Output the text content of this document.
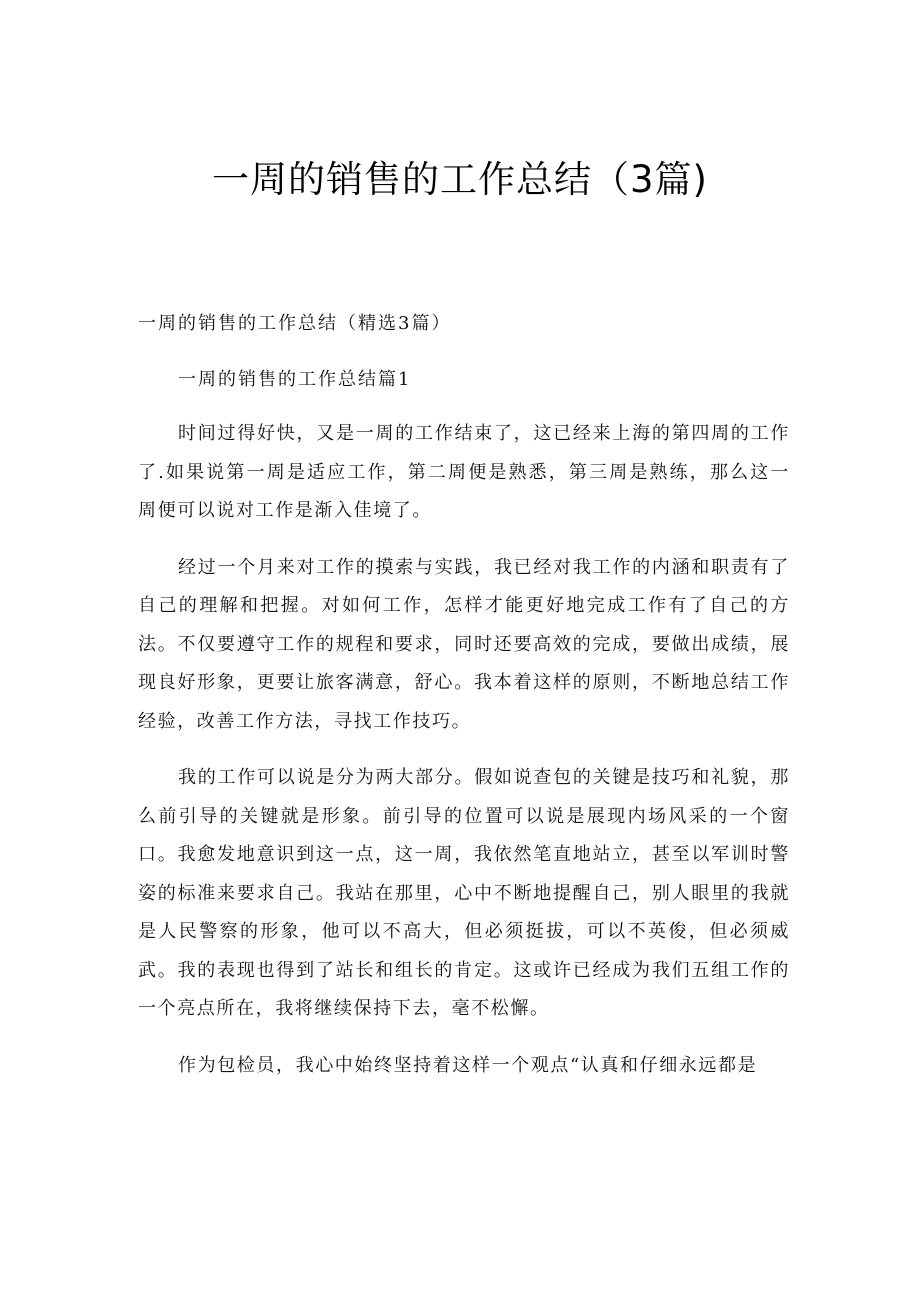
一周的销售的工作总结（3篇)

一周的销售的工作总结（精选3篇）

一周的销售的工作总结篇1

时间过得好快，又是一周的工作结束了，这已经来上海的第四周的工作了.如果说第一周是适应工作，第二周便是熟悉，第三周是熟练，那么这一周便可以说对工作是渐入佳境了。

经过一个月来对工作的摸索与实践，我已经对我工作的内涵和职责有了自己的理解和把握。对如何工作，怎样才能更好地完成工作有了自己的方法。不仅要遵守工作的规程和要求，同时还要高效的完成，要做出成绩，展现良好形象，更要让旅客满意，舒心。我本着这样的原则，不断地总结工作经验，改善工作方法，寻找工作技巧。

我的工作可以说是分为两大部分。假如说查包的关键是技巧和礼貌，那么前引导的关键就是形象。前引导的位置可以说是展现内场风采的一个窗口。我愈发地意识到这一点，这一周，我依然笔直地站立，甚至以军训时警姿的标准来要求自己。我站在那里，心中不断地提醒自己，别人眼里的我就是人民警察的形象，他可以不高大，但必须挺拔，可以不英俊，但必须威武。我的表现也得到了站长和组长的肯定。这或许已经成为我们五组工作的一个亮点所在，我将继续保持下去，毫不松懈。

作为包检员，我心中始终坚持着这样一个观点“认真和仔细永远都是
